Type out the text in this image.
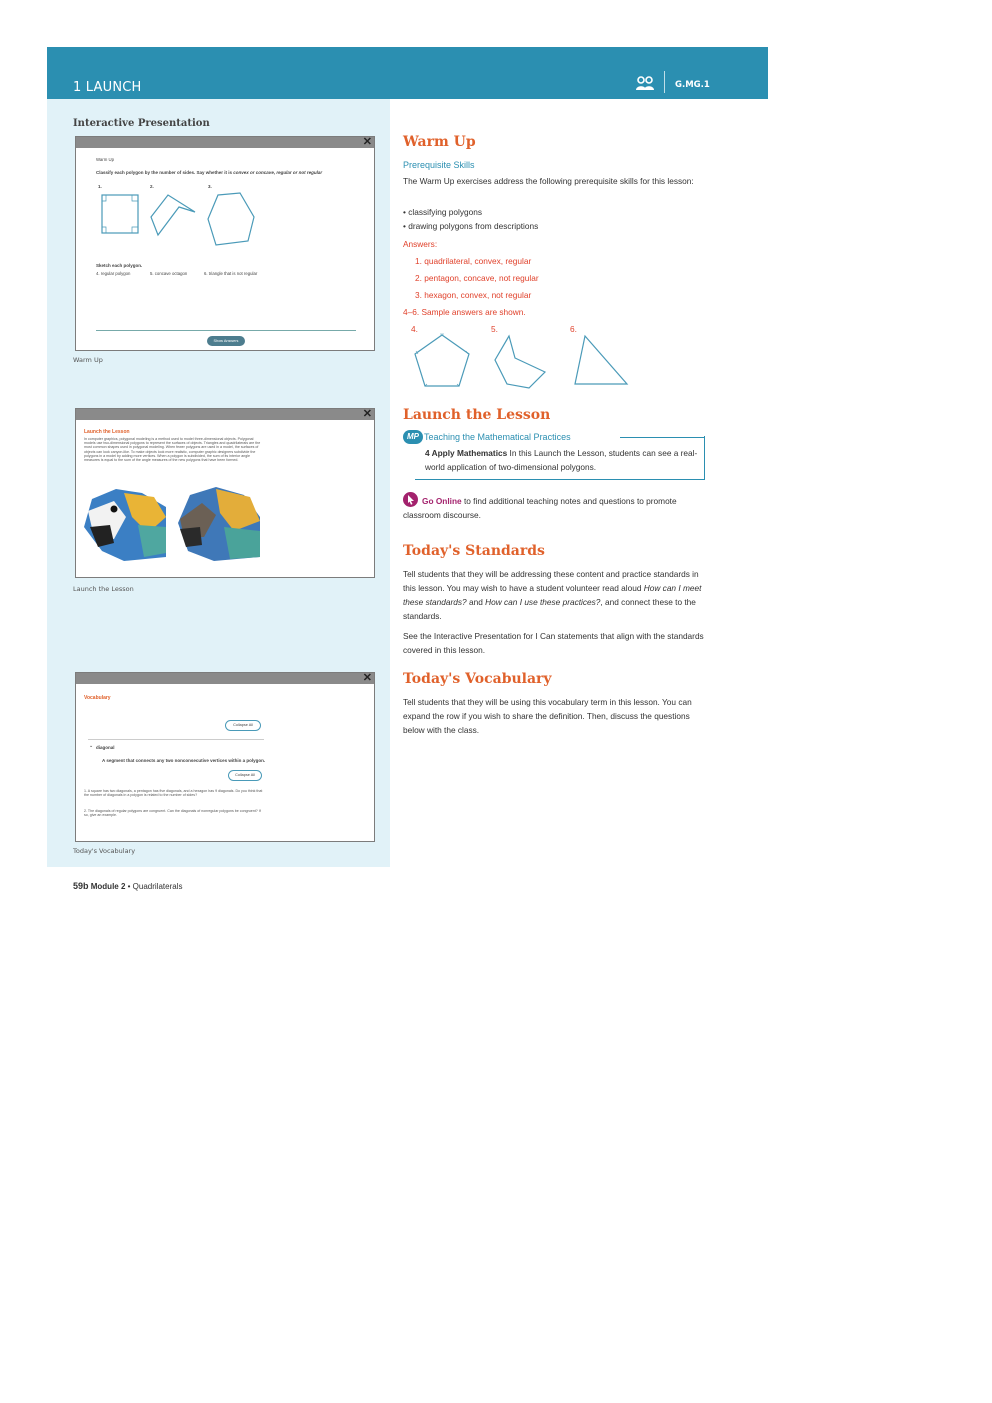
1 LAUNCH	G.MG.1
Interactive Presentation
✕
Warm Up
Classify each polygon by the number of sides. Say whether it is convex or concave, regular or not regular
1.	2.	3.
Sketch each polygon.
4. regular polygon	5. concave octagon	6. triangle that is not regular
Show Answers
Warm Up
✕
Launch the Lesson
In computer graphics, polygonal modeling is a method used to model three-dimensional objects. Polygonal models use two-dimensional polygons to represent the surfaces of objects. Triangles and quadrilaterals are the most common shapes used in polygonal modeling. When fewer polygons are used in a model, the surfaces of objects can look canyon-like. To make objects look more realistic, computer graphic designers subdivide the polygons in a model by adding more vertices. When a polygon is subdivided, the sum of its interior angle measures is equal to the sum of the angle measures of the new polygons that have been formed.
Launch the Lesson
✕
Vocabulary
Collapse All
⌄ diagonal
A segment that connects any two nonconsecutive vertices within a polygon.
Collapse All
1. A square has two diagonals, a pentagon has five diagonals, and a hexagon has 9 diagonals. Do you think that the number of diagonals in a polygon is related to the number of sides?
2. The diagonals of regular polygons are congruent. Can the diagonals of nonregular polygons be congruent? If so, give an example.
Today's Vocabulary
Warm Up
Prerequisite Skills
The Warm Up exercises address the following prerequisite skills for this lesson:
• classifying polygons
• drawing polygons from descriptions
Answers:
1. quadrilateral, convex, regular
2. pentagon, concave, not regular
3. hexagon, convex, not regular
4–6. Sample answers are shown.
4.	5.	6.
Launch the Lesson
MP Teaching the Mathematical Practices
4 Apply Mathematics In this Launch the Lesson, students can see a real-world application of two-dimensional polygons.
Go Online to find additional teaching notes and questions to promote classroom discourse.
Today's Standards
Tell students that they will be addressing these content and practice standards in this lesson. You may wish to have a student volunteer read aloud How can I meet these standards? and How can I use these practices?, and connect these to the standards.
See the Interactive Presentation for I Can statements that align with the standards covered in this lesson.
Today's Vocabulary
Tell students that they will be using this vocabulary term in this lesson. You can expand the row if you wish to share the definition. Then, discuss the questions below with the class.
59b Module 2 • Quadrilaterals
